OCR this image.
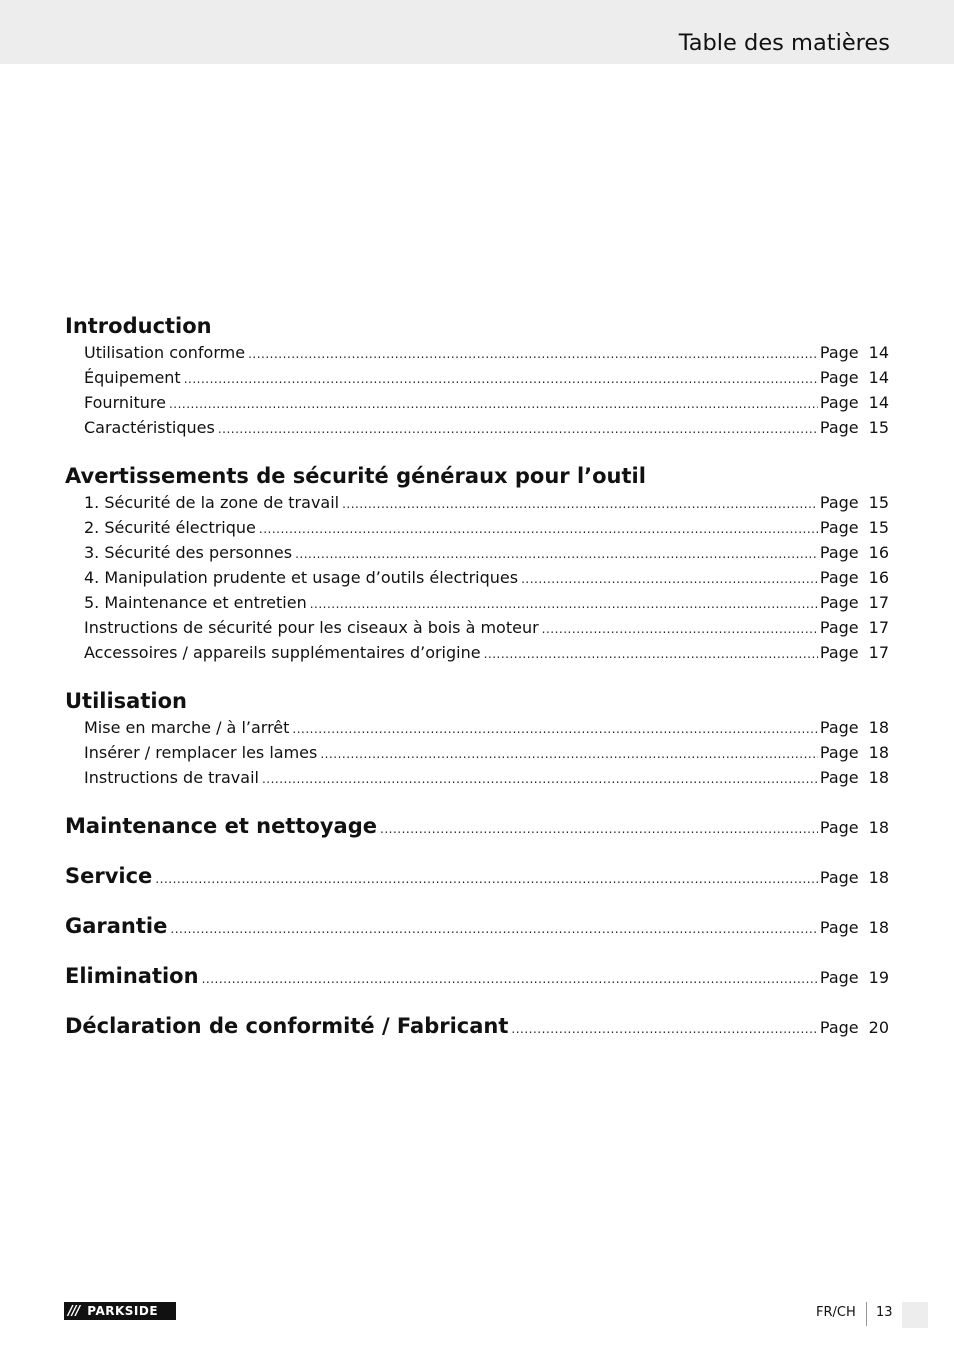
Table des matières
Introduction
Utilisation conforme .....	Page 14
Équipement .....	Page 14
Fourniture .....	Page 14
Caractéristiques .....	Page 15
Avertissements de sécurité généraux pour l’outil
1. Sécurité de la zone de travail .....	Page 15
2. Sécurité électrique .....	Page 15
3. Sécurité des personnes .....	Page 16
4. Manipulation prudente et usage d’outils électriques .....	Page 16
5. Maintenance et entretien .....	Page 17
Instructions de sécurité pour les ciseaux à bois à moteur .....	Page 17
Accessoires / appareils supplémentaires d’origine .....	Page 17
Utilisation
Mise en marche / à l’arrêt .....	Page 18
Insérer / remplacer les lames .....	Page 18
Instructions de travail .....	Page 18
Maintenance et nettoyage .....	Page 18
Service .....	Page 18
Garantie .....	Page 18
Elimination .....	Page 19
Déclaration de conformité / Fabricant .....	Page 20
/// PARKSIDE	FR/CH 13
